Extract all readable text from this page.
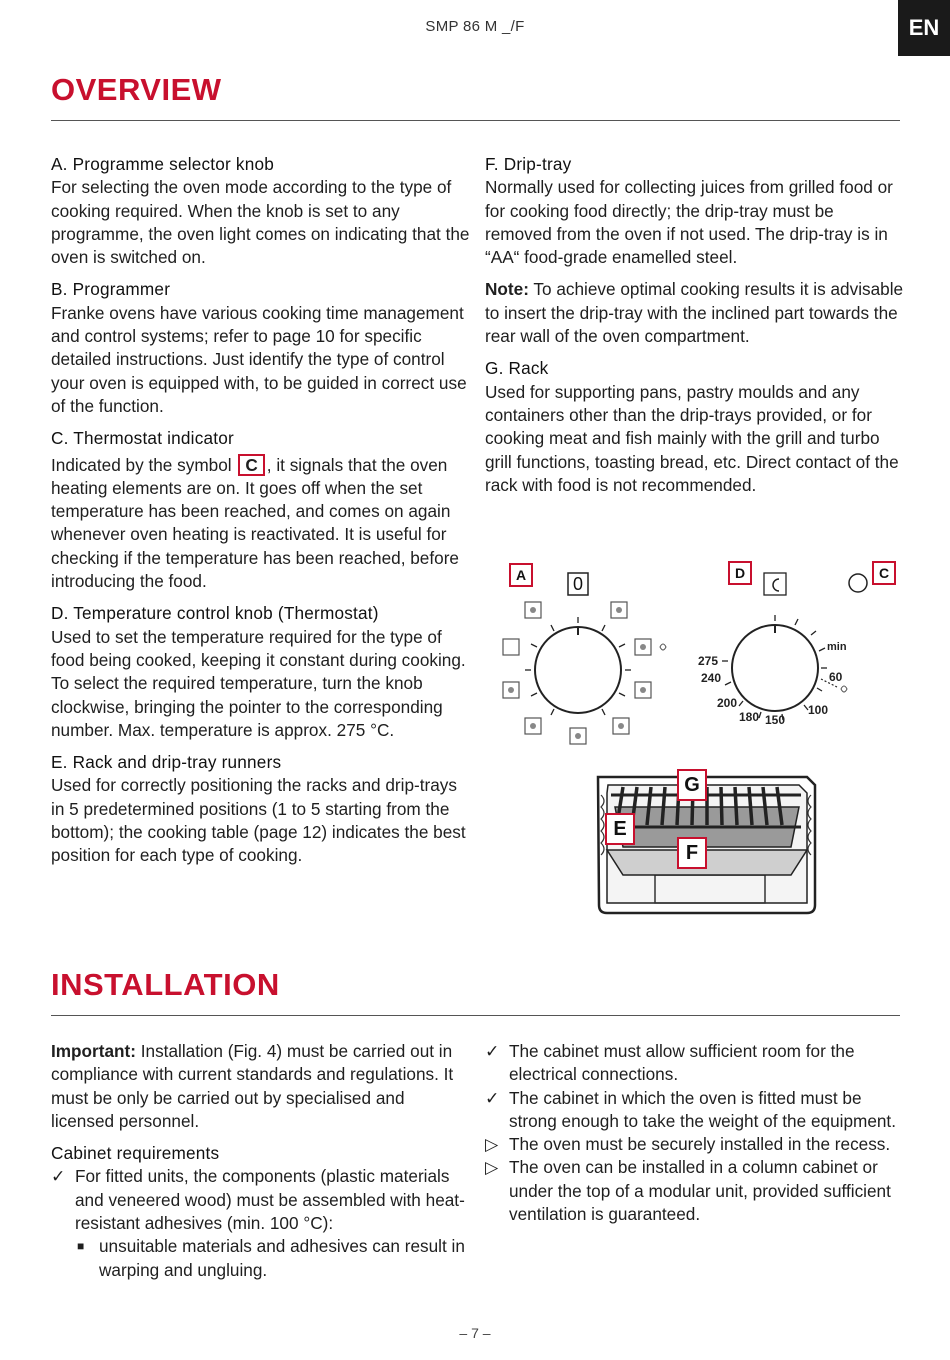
SMP 86 M _/F	EN
OVERVIEW

A. Programme selector knob
For selecting the oven mode according to the type of cooking required. When the knob is set to any programme, the oven light comes on indicating that the oven is switched on.

B. Programmer
Franke ovens have various cooking time management and control systems; refer to page 10 for specific detailed instructions. Just identify the type of control your oven is equipped with, to be guided in correct use of the function.

C. Thermostat indicator
Indicated by the symbol C , it signals that the oven heating elements are on. It goes off when the set temperature has been reached, and comes on again whenever oven heating is reactivated. It is useful for checking if the temperature has been reached, before introducing the food.

D. Temperature control knob (Thermostat)
Used to set the temperature required for the type of food being cooked, keeping it constant during cooking. To select the required temperature, turn the knob clockwise, bringing the pointer to the corresponding number. Max. temperature is approx. 275 °C.

E. Rack and drip-tray runners
Used for correctly positioning the racks and drip-trays in 5 predetermined positions (1 to 5 starting from the bottom); the cooking table (page 12) indicates the best position for each type of cooking.

F. Drip-tray
Normally used for collecting juices from grilled food or for cooking food directly; the drip-tray must be removed from the oven if not used. The drip-tray is in “AA“ food-grade enamelled steel.

Note: To achieve optimal cooking results it is advisable to insert the drip-tray with the inclined part towards the rear wall of the oven compartment.

G. Rack
Used for supporting pans, pastry moulds and any containers other than the drip-trays provided, or for cooking meat and fish mainly with the grill and turbo grill functions, toasting bread, etc. Direct contact of the rack with food is not recommended.

0
A	D	C
G
E
F
275
240
200
180 150
100
60
min
INSTALLATION

Important: Installation (Fig. 4) must be carried out in compliance with current standards and regulations. It must be only be carried out by specialised and licensed personnel.

Cabinet requirements

✓ For fitted units, the components (plastic materials and veneered wood) must be assembled with heat-resistant adhesives (min. 100 °C):
■ unsuitable materials and adhesives can result in warping and ungluing.
✓ The cabinet must allow sufficient room for the electrical connections.
✓ The cabinet in which the oven is fitted must be strong enough to take the weight of the equipment.
▷ The oven must be securely installed in the recess.
▷ The oven can be installed in a column cabinet or under the top of a modular unit, provided sufficient ventilation is guaranteed.
– 7 –
